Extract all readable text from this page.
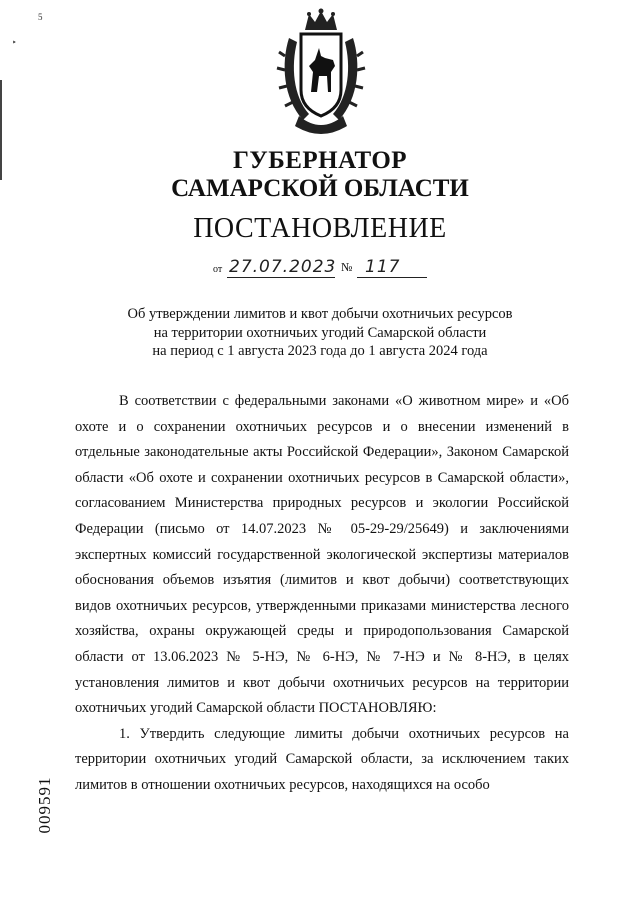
5
‣
ГУБЕРНАТОР
САМАРСКОЙ ОБЛАСТИ
ПОСТАНОВЛЕНИЕ
от 27.07.2023 № 117
Об утверждении лимитов и квот добычи охотничьих ресурсов
на территории охотничьих угодий Самарской области
на период с 1 августа 2023 года до 1 августа 2024 года

В соответствии с федеральными законами «О животном мире» и «Об охоте и о сохранении охотничьих ресурсов и о внесении изменений в отдельные законодательные акты Российской Федерации», Законом Самарской области «Об охоте и сохранении охотничьих ресурсов в Самарской области», согласованием Министерства природных ресурсов и экологии Российской Федерации (письмо от 14.07.2023 № 05-29-29/25649) и заключениями экспертных комиссий государственной экологической экспертизы материалов обоснования объемов изъятия (лимитов и квот добычи) соответствующих видов охотничьих ресурсов, утвержденными приказами министерства лесного хозяйства, охраны окружающей среды и природопользования Самарской области от 13.06.2023 № 5-НЭ, № 6-НЭ, № 7-НЭ и № 8-НЭ, в целях установления лимитов и квот добычи охотничьих ресурсов на территории охотничьих угодий Самарской области ПОСТАНОВЛЯЮ:

1. Утвердить следующие лимиты добычи охотничьих ресурсов на территории охотничьих угодий Самарской области, за исключением таких лимитов в отношении охотничьих ресурсов, находящихся на особо

009591
